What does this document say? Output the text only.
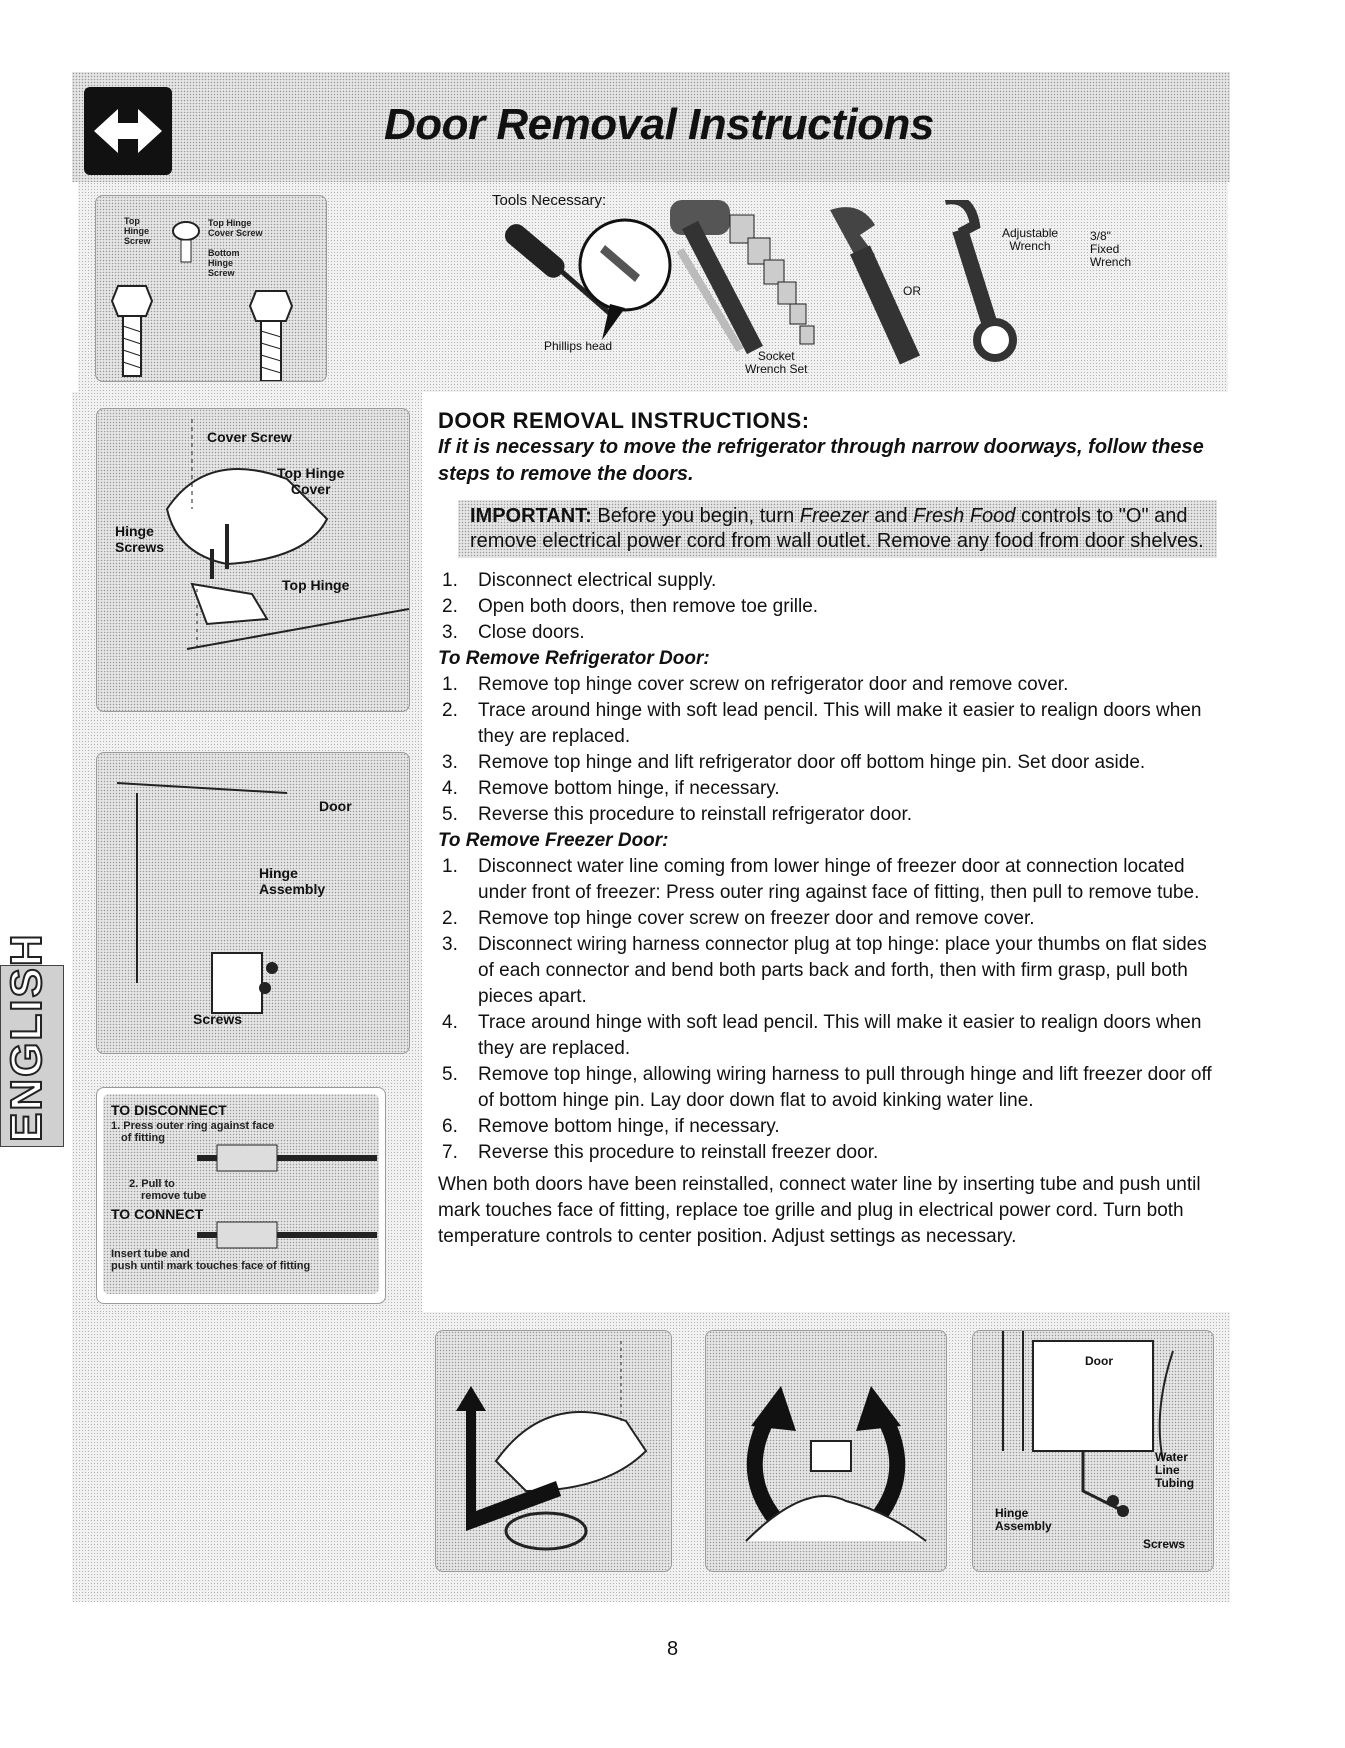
Door Removal Instructions
Tools Necessary:
Phillips head
Socket
Wrench Set
OR
Adjustable
Wrench
3/8"
Fixed
Wrench
Top
Hinge
Screw
Top Hinge
Cover Screw
Bottom
Hinge
Screw
Cover Screw
Top Hinge
Cover
Hinge
Screws
Top Hinge
Door
Hinge
Assembly
Screws
TO DISCONNECT
1. Press outer ring against face
of fitting
2. Pull to
remove tube
TO CONNECT
Insert tube and
push until mark touches face of fitting
DOOR REMOVAL INSTRUCTIONS:

If it is necessary to move the refrigerator through narrow doorways, follow these steps to remove the doors.

IMPORTANT: Before you begin, turn Freezer and Fresh Food controls to "O" and remove electrical power cord from wall outlet. Remove any food from door shelves.
1. Disconnect electrical supply.
2. Open both doors, then remove toe grille.
3. Close doors.

To Remove Refrigerator Door:

1. Remove top hinge cover screw on refrigerator door and remove cover.
2. Trace around hinge with soft lead pencil. This will make it easier to realign doors when they are replaced.
3. Remove top hinge and lift refrigerator door off bottom hinge pin. Set door aside.
4. Remove bottom hinge, if necessary.
5. Reverse this procedure to reinstall refrigerator door.

To Remove Freezer Door:

1. Disconnect water line coming from lower hinge of freezer door at connection located under front of freezer: Press outer ring against face of fitting, then pull to remove tube.
2. Remove top hinge cover screw on freezer door and remove cover.
3. Disconnect wiring harness connector plug at top hinge: place your thumbs on flat sides of each connector and bend both parts back and forth, then with firm grasp, pull both pieces apart.
4. Trace around hinge with soft lead pencil. This will make it easier to realign doors when they are replaced.
5. Remove top hinge, allowing wiring harness to pull through hinge and lift freezer door off of bottom hinge pin. Lay door down flat to avoid kinking water line.
6. Remove bottom hinge, if necessary.
7. Reverse this procedure to reinstall freezer door.

When both doors have been reinstalled, connect water line by inserting tube and push until mark touches face of fitting, replace toe grille and plug in electrical power cord. Turn both temperature controls to center position. Adjust settings as necessary.

Door
Water
Line
Tubing
Hinge
Assembly
Screws
8
